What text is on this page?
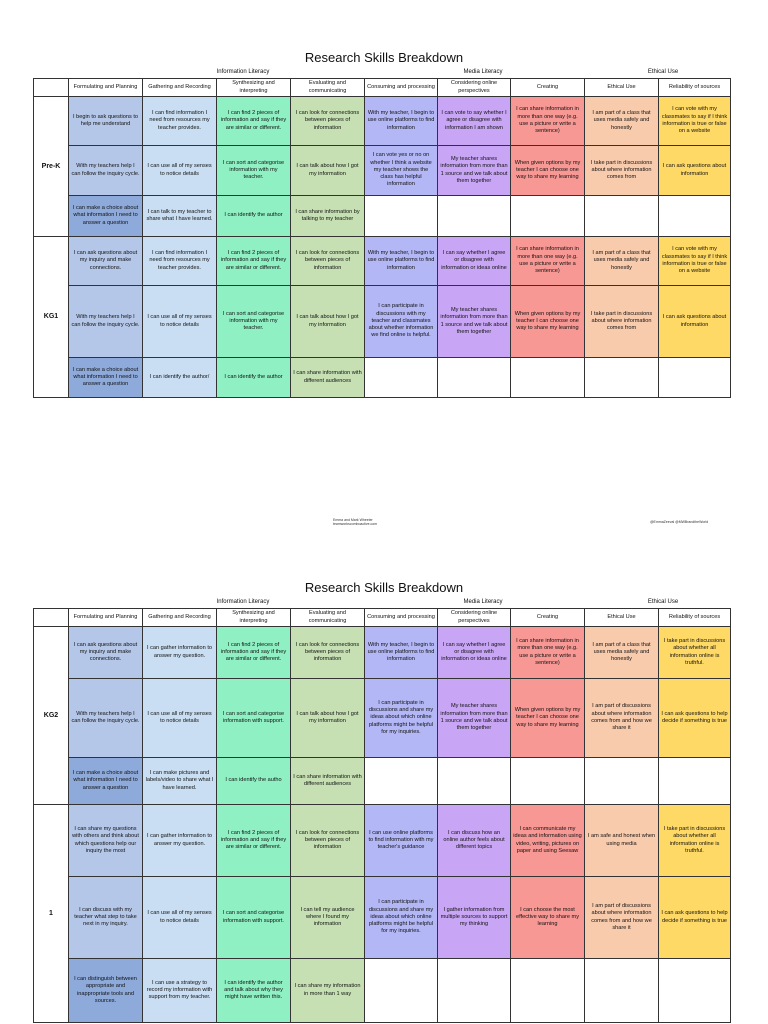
Research Skills Breakdown
Information Literacy	Media Literacy	Ethical Use
	Formulating and Planning	Gathering and Recording	Synthesizing and interpreting	Evaluating and communicating	Consuming and processing	Considering online perspectives	Creating	Ethical Use	Reliability of sources
Pre-K	I begin to ask questions to help me understand	I can find information I need from resources my teacher provides.	I can find 2 pieces of information and say if they are similar or different.	I can look for connections between pieces of information	With my teacher, I begin to use online platforms to find information	I can vote to say whether I agree or disagree with information I am shown	I can share information in more than one way (e.g. use a picture or write a sentence)	I am part of a class that uses media safely and honestly	I can vote with my classmates to say if I think information is true or false on a website
	With my teachers help I can follow the inquiry cycle.	I can use all of my senses to notice details	I can sort and categorise information with my teacher.	I can talk about how I got my information	I can vote yes or no on whether I think a website my teacher shows the class has helpful information	My teacher shares information from more than 1 source and we talk about them together	When given options by my teacher I can choose one way to share my learning	I take part in discussions about where information comes from	I can ask questions about information
	I can make a choice about what information I need to answer a question	I can talk to my teacher to share what I have learned.	I can identify the author	I can share information by talking to my teacher					
KG1	I can ask questions about my inquiry and make connections.	I can find information I need from resources my teacher provides.	I can find 2 pieces of information and say if they are similar or different.	I can look for connections between pieces of information	With my teacher, I begin to use online platforms to find information	I can say whether I agree or disagree with information or ideas online	I can share information in more than one way (e.g. use a picture or write a sentence)	I am part of a class that uses media safely and honestly	I can vote with my classmates to say if I think information is true or false on a website
	With my teachers help I can follow the inquiry cycle.	I can use all of my senses to notice details	I can sort and categorise information with my teacher.	I can talk about how I got my information	I can participate in discussions with my teacher and classmates about whether information we find online is helpful.	My teacher shares information from more than 1 source and we talk about them together	When given options by my teacher I can choose one way to share my learning	I take part in discussions about where information comes from	I can ask questions about information
	I can make a choice about what information I need to answer a question	I can identify the author/	I can identify the author	I can share information with different audiences					
Emma and Mark Wheeler
teamworkscomboactive.com	@EmmaZeeval @MWBrandtheWorld
Research Skills Breakdown
Information Literacy	Media Literacy	Ethical Use
	Formulating and Planning	Gathering and Recording	Synthesizing and interpreting	Evaluating and communicating	Consuming and processing	Considering online perspectives	Creating	Ethical Use	Reliability of sources
KG2	I can ask questions about my inquiry and make connections.	I can gather information to answer my question.	I can find 2 pieces of information and say if they are similar or different.	I can look for connections between pieces of information	With my teacher, I begin to use online platforms to find information	I can say whether I agree or disagree with information or ideas online	I can share information in more than one way (e.g. use a picture or write a sentence)	I am part of a class that uses media safely and honestly	I take part in discussions about whether all information online is truthful.
	With my teachers help I can follow the inquiry cycle.	I can use all of my senses to notice details	I can sort and categorise information with support.	I can talk about how I got my information	I can participate in discussions and share my ideas about which online platforms might be helpful for my inquiries.	My teacher shares information from more than 1 source and we talk about them together	When given options by my teacher I can choose one way to share my learning	I am part of discussions about where information comes from and how we share it	I can ask questions to help decide if something is true
	I can make a choice about what information I need to answer a question	I can make pictures and labels/video to share what I have learned.	I can identify the autho	I can share information with different audiences					
1	I can share my questions with others and think about which questions help our inquiry the most	I can gather information to answer my question.	I can find 2 pieces of information and say if they are similar or different.	I can look for connections between pieces of information	I can use online platforms to find information with my teacher's guidance	I can discuss how an online author feels about different topics	I can communicate my ideas and information using video, writing, pictures on paper and using Seesaw	I am safe and honest when using media	I take part in discussions about whether all information online is truthful.
	I can discuss with my teacher what step to take next in my inquiry.	I can use all of my senses to notice details	I can sort and categorise information with support.	I can tell my audience where I found my information	I can participate in discussions and share my ideas about which online platforms might be helpful for my inquiries.	I gather information from multiple sources to support my thinking	I can choose the most effective way to share my learning	I am part of discussions about where information comes from and how we share it	I can ask questions to help decide if something is true
	I can distinguish between appropriate and inappropriate tools and sources.	I can use a strategy to record my information with support from my teacher.	I can identify the author and talk about why they might have written this.	I can share my information in more than 1 way					
